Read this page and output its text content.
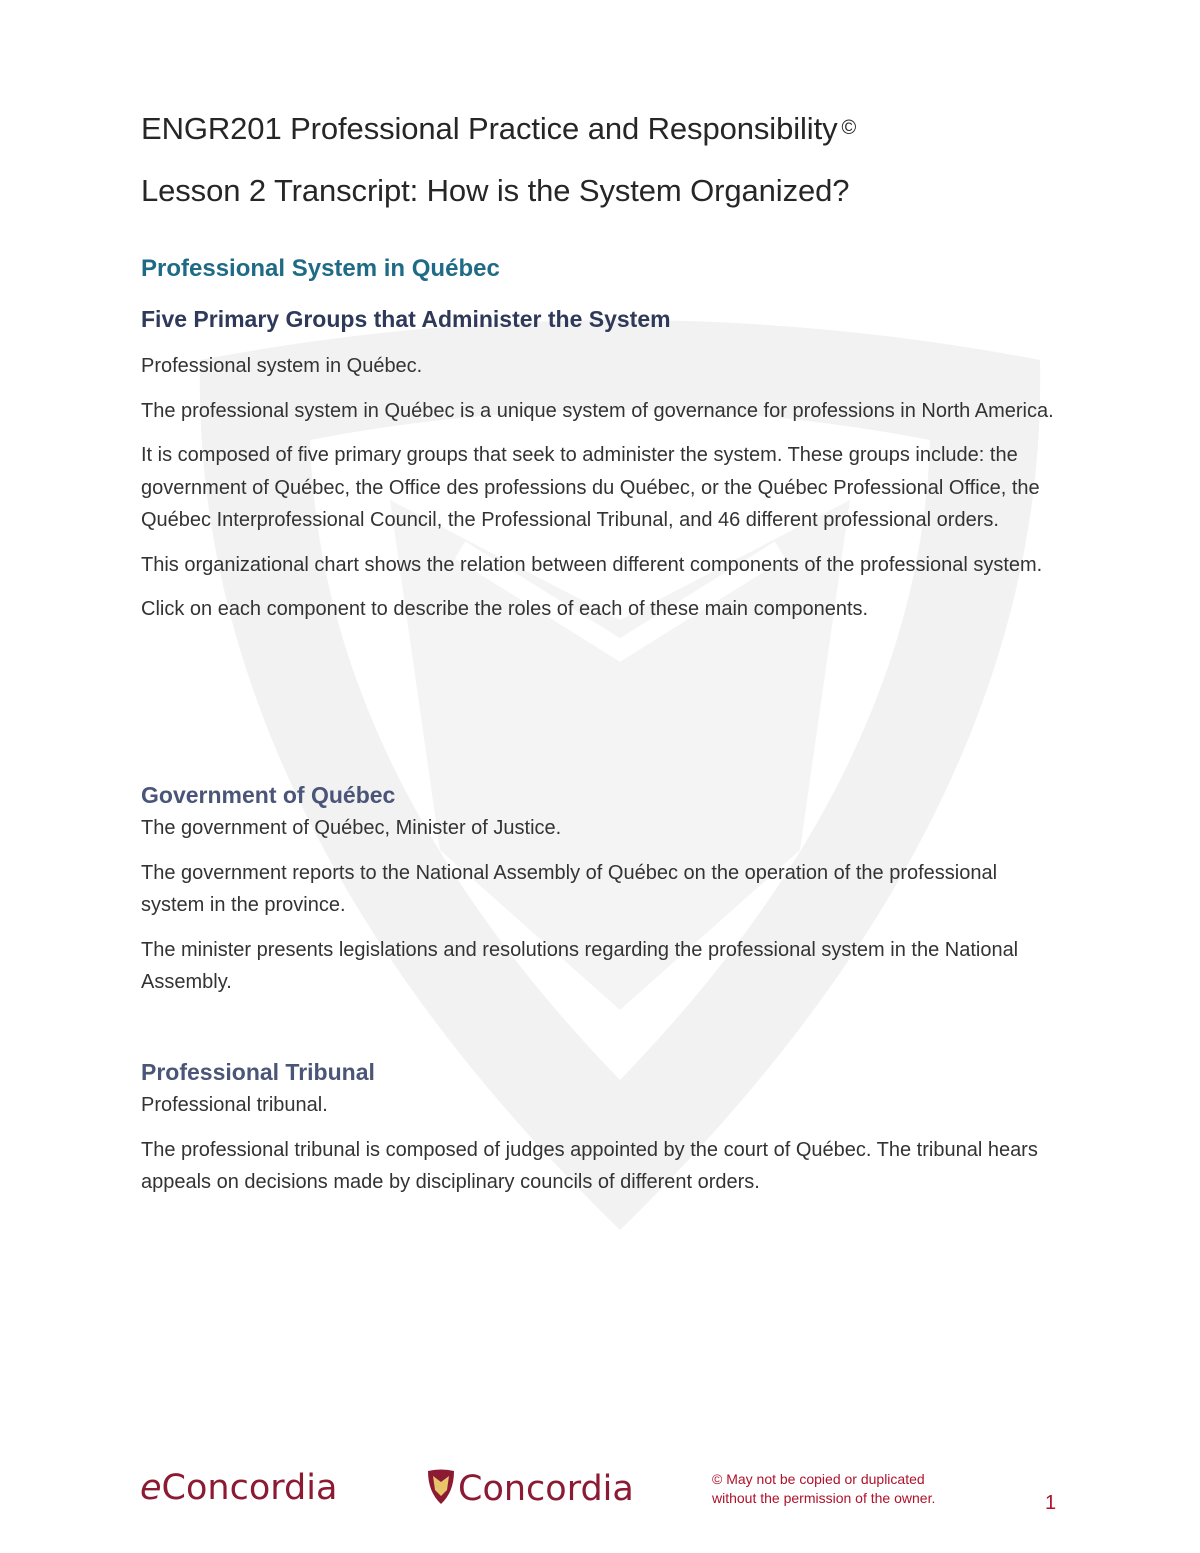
ENGR201 Professional Practice and Responsibility ©
Lesson 2 Transcript: How is the System Organized?
Professional System in Québec
Five Primary Groups that Administer the System

Professional system in Québec.

The professional system in Québec is a unique system of governance for professions in North America.

It is composed of five primary groups that seek to administer the system. These groups include: the government of Québec, the Office des professions du Québec, or the Québec Professional Office, the Québec Interprofessional Council, the Professional Tribunal, and 46 different professional orders.

This organizational chart shows the relation between different components of the professional system.

Click on each component to describe the roles of each of these main components.

Government of Québec

The government of Québec, Minister of Justice.

The government reports to the National Assembly of Québec on the operation of the professional system in the province.

The minister presents legislations and resolutions regarding the professional system in the National Assembly.

Professional Tribunal

Professional tribunal.

The professional tribunal is composed of judges appointed by the court of Québec. The tribunal hears appeals on decisions made by disciplinary councils of different orders.

eConcordia	Concordia	© May not be copied or duplicated
without the permission of the owner.	1
